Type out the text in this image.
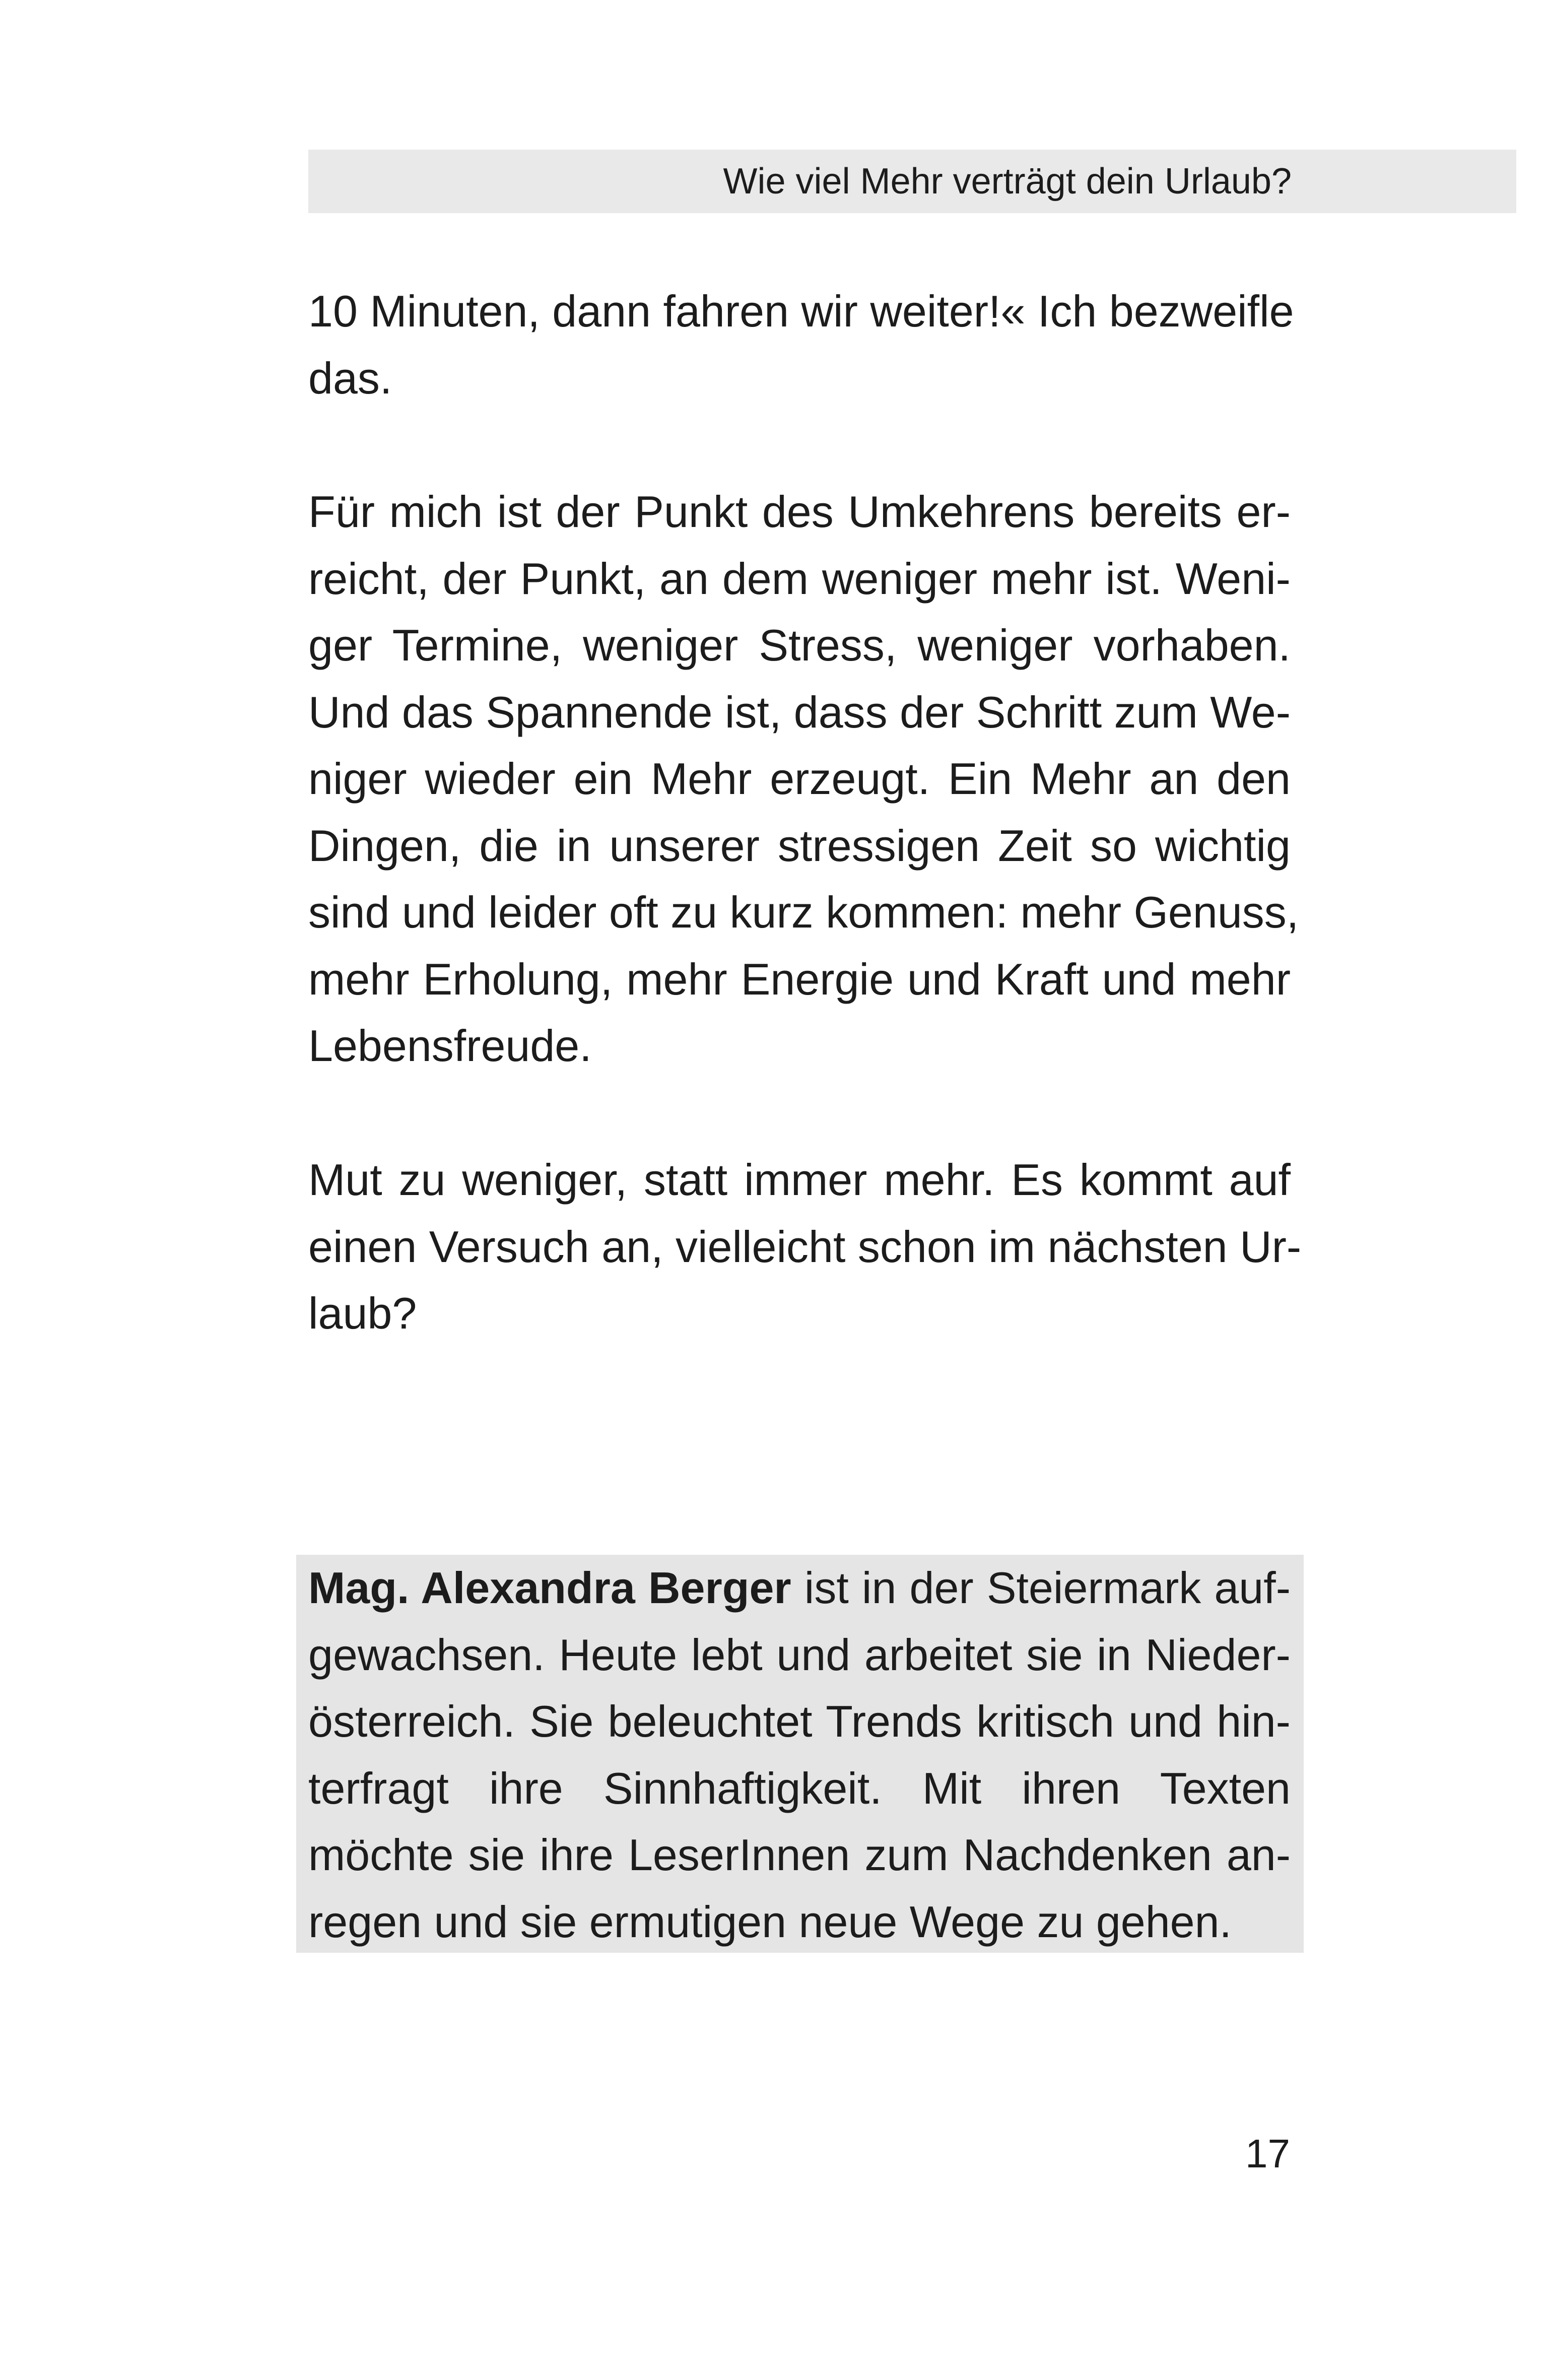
Wie viel Mehr verträgt dein Urlaub?

10 Minuten, dann fahren wir weiter!« Ich bezweifle
das.

Für mich ist der Punkt des Umkehrens bereits er-
reicht, der Punkt, an dem weniger mehr ist. Weni-
ger Termine, weniger Stress, weniger vorhaben.
Und das Spannende ist, dass der Schritt zum We-
niger wieder ein Mehr erzeugt. Ein Mehr an den
Dingen, die in unserer stressigen Zeit so wichtig
sind und leider oft zu kurz kommen: mehr Genuss,
mehr Erholung, mehr Energie und Kraft und mehr
Lebensfreude.

Mut zu weniger, statt immer mehr. Es kommt auf
einen Versuch an, vielleicht schon im nächsten Ur-
laub?

Mag. Alexandra Berger ist in der Steiermark auf-
gewachsen. Heute lebt und arbeitet sie in Nieder-
österreich. Sie beleuchtet Trends kritisch und hin-
terfragt ihre Sinnhaftigkeit. Mit ihren Texten
möchte sie ihre LeserInnen zum Nachdenken an-
regen und sie ermutigen neue Wege zu gehen.

17
